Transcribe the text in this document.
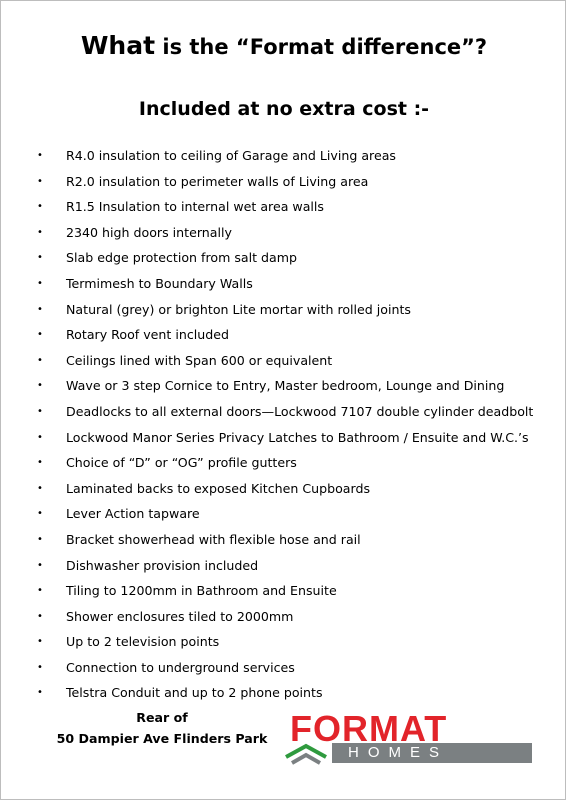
What is the “Format difference”?
Included at no extra cost :-
• R4.0 insulation to ceiling of Garage and Living areas
• R2.0 insulation to perimeter walls of Living area
• R1.5 Insulation to internal wet area walls
• 2340 high doors internally
• Slab edge protection from salt damp
• Termimesh to Boundary Walls
• Natural (grey) or brighton Lite mortar with rolled joints
• Rotary Roof vent included
• Ceilings lined with Span 600 or equivalent
• Wave or 3 step Cornice to Entry, Master bedroom, Lounge and Dining
• Deadlocks to all external doors—Lockwood 7107 double cylinder deadbolt
• Lockwood Manor Series Privacy Latches to Bathroom / Ensuite and W.C.’s
• Choice of “D” or “OG” profile gutters
• Laminated backs to exposed Kitchen Cupboards
• Lever Action tapware
• Bracket showerhead with flexible hose and rail
• Dishwasher provision included
• Tiling to 1200mm in Bathroom and Ensuite
• Shower enclosures tiled to 2000mm
• Up to 2 television points
• Connection to underground services
• Telstra Conduit and up to 2 phone points
Rear of
50 Dampier Ave Flinders Park FORMAT
HOMES
